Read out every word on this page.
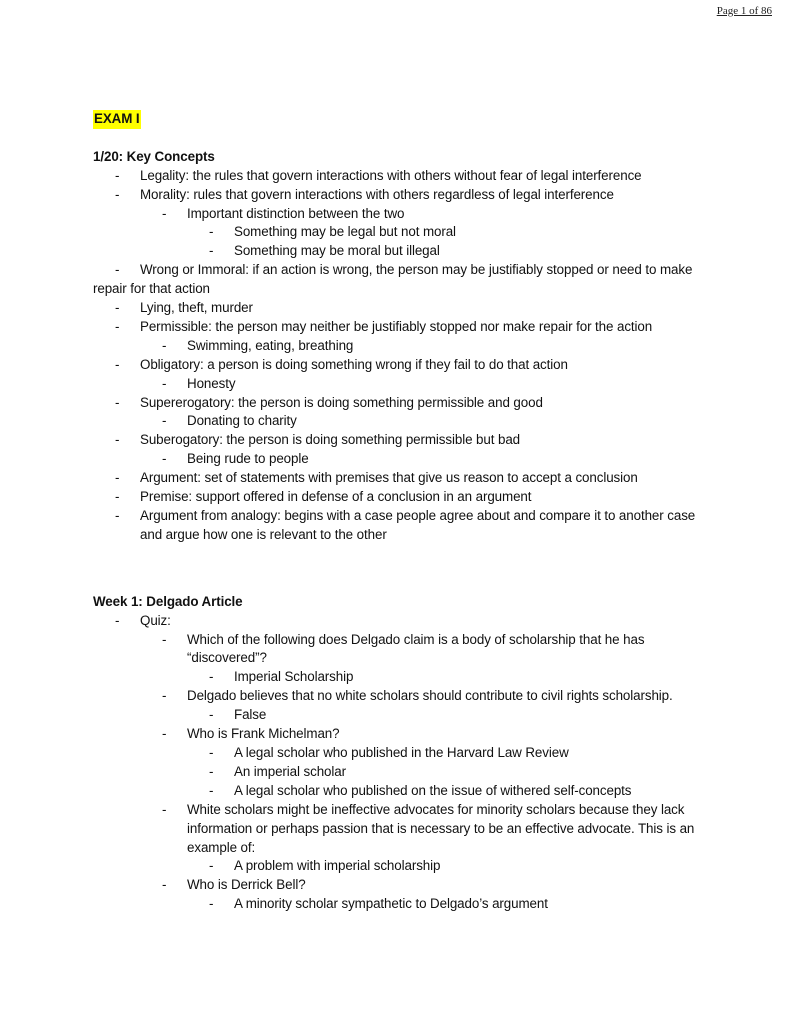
Page 1 of 86
EXAM I
1/20: Key Concepts
- Legality: the rules that govern interactions with others without fear of legal interference
- Morality: rules that govern interactions with others regardless of legal interference
- Important distinction between the two
- Something may be legal but not moral
- Something may be moral but illegal
- Wrong or Immoral: if an action is wrong, the person may be justifiably stopped or need to make repair for that action
- Lying, theft, murder
- Permissible: the person may neither be justifiably stopped nor make repair for the action
- Swimming, eating, breathing
- Obligatory: a person is doing something wrong if they fail to do that action
- Honesty
- Supererogatory: the person is doing something permissible and good
- Donating to charity
- Suberogatory: the person is doing something permissible but bad
- Being rude to people
- Argument: set of statements with premises that give us reason to accept a conclusion
- Premise: support offered in defense of a conclusion in an argument
- Argument from analogy: begins with a case people agree about and compare it to another case and argue how one is relevant to the other
Week 1: Delgado Article
- Quiz:
- Which of the following does Delgado claim is a body of scholarship that he has “discovered”?
- Imperial Scholarship
- Delgado believes that no white scholars should contribute to civil rights scholarship.
- False
- Who is Frank Michelman?
- A legal scholar who published in the Harvard Law Review
- An imperial scholar
- A legal scholar who published on the issue of withered self-concepts
- White scholars might be ineffective advocates for minority scholars because they lack information or perhaps passion that is necessary to be an effective advocate. This is an example of:
- A problem with imperial scholarship
- Who is Derrick Bell?
- A minority scholar sympathetic to Delgado’s argument
